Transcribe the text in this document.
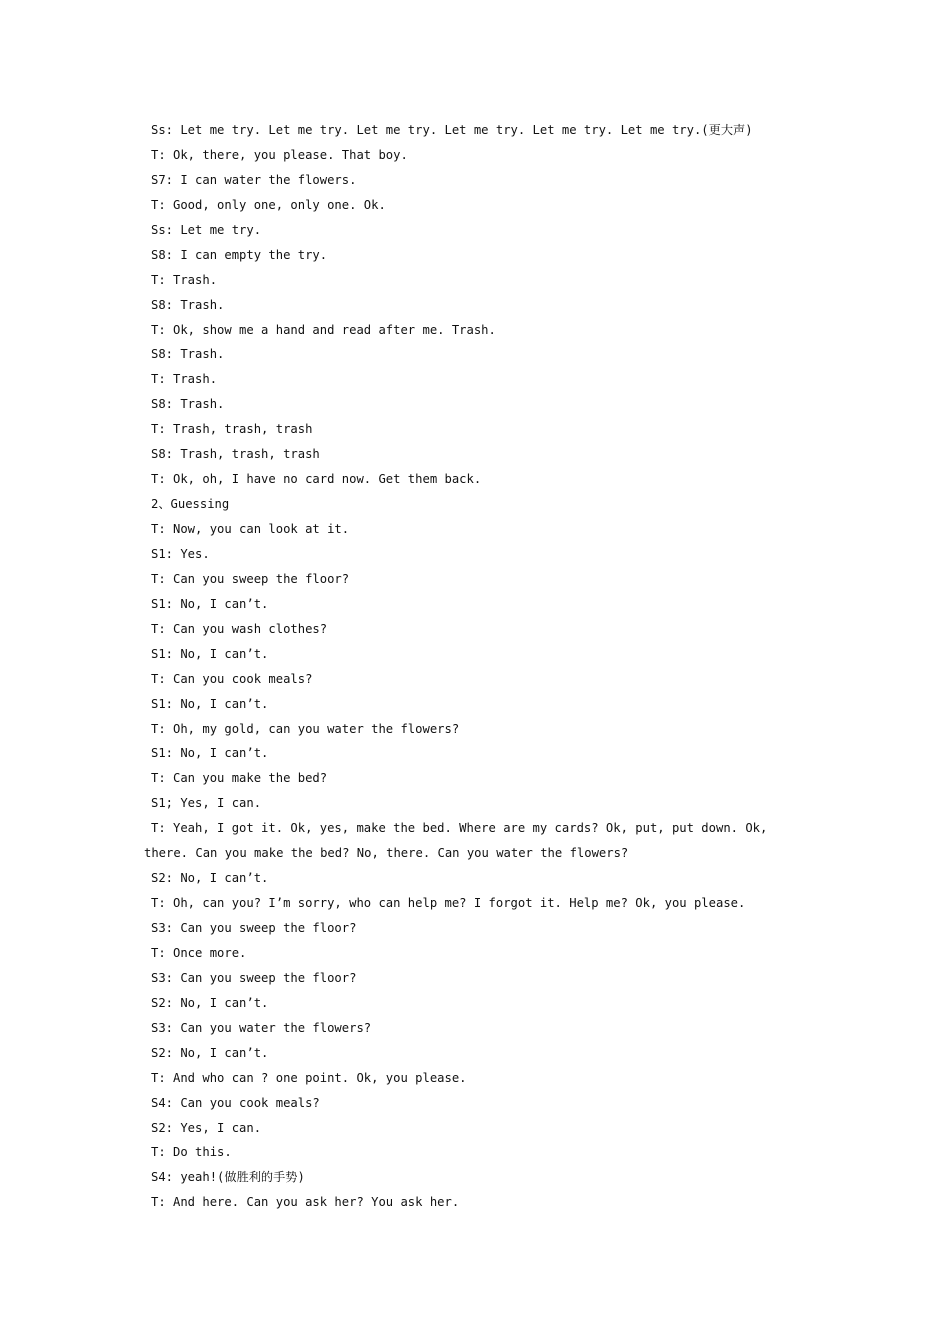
Ss: Let me try. Let me try. Let me try. Let me try. Let me try. Let me try.(更大声)
T: Ok, there, you please. That boy.
S7: I can water the flowers.
T: Good, only one, only one. Ok.
Ss: Let me try.
S8: I can empty the try.
T: Trash.
S8: Trash.
T: Ok, show me a hand and read after me. Trash.
S8: Trash.
T: Trash.
S8: Trash.
T: Trash, trash, trash
S8: Trash, trash, trash
T: Ok, oh, I have no card now. Get them back.
2、Guessing
T: Now, you can look at it.
S1: Yes.
T: Can you sweep the floor?
S1: No, I can’t.
T: Can you wash clothes?
S1: No, I can’t.
T: Can you cook meals?
S1: No, I can’t.
T: Oh, my gold, can you water the flowers?
S1: No, I can’t.
T: Can you make the bed?
S1; Yes, I can.
T: Yeah, I got it. Ok, yes, make the bed. Where are my cards? Ok, put, put down. Ok, there. Can you make the bed? No, there. Can you water the flowers?
S2: No, I can’t.
T: Oh, can you? I’m sorry, who can help me? I forgot it. Help me? Ok, you please.
S3: Can you sweep the floor?
T: Once more.
S3: Can you sweep the floor?
S2: No, I can’t.
S3: Can you water the flowers?
S2: No, I can’t.
T: And who can ? one point. Ok, you please.
S4: Can you cook meals?
S2: Yes, I can.
T: Do this.
S4: yeah!(做胜利的手势)
T: And here. Can you ask her? You ask her.
